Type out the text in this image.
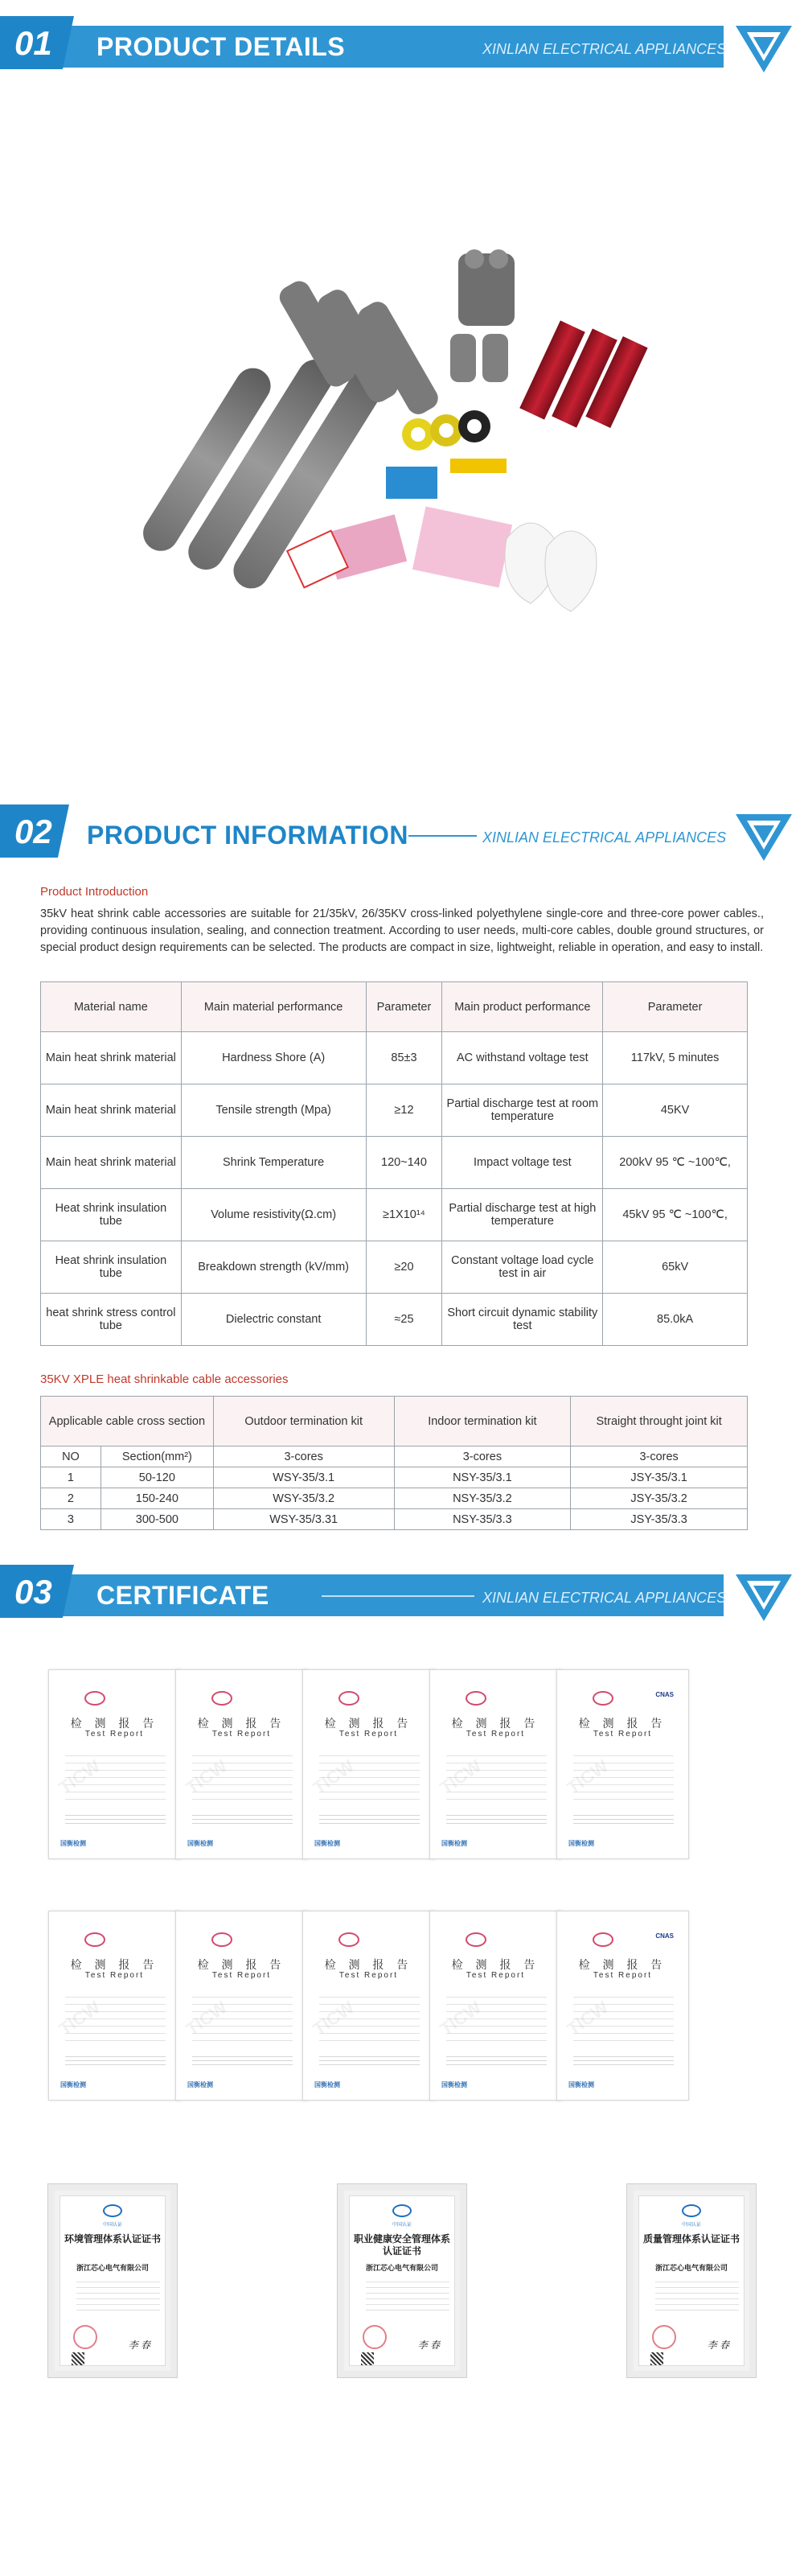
01 PRODUCT DETAILS	XINLIAN ELECTRICAL APPLIANCES
02 PRODUCT INFORMATION	XINLIAN ELECTRICAL APPLIANCES
Product Introduction
35kV heat shrink cable accessories are suitable for 21/35kV, 26/35KV cross-linked polyethylene single-core and three-core power cables., providing continuous insulation, sealing, and connection treatment. According to user needs, multi-core cables, double ground structures, or special product design requirements can be selected. The products are compact in size, lightweight, reliable in operation, and easy to install.
Material name	Main material performance	Parameter	Main product performance	Parameter
Main heat shrink material	Hardness Shore (A)	85±3	AC withstand voltage test	117kV, 5 minutes
Main heat shrink material	Tensile strength (Mpa)	≥12	Partial discharge test at room temperature	45KV
Main heat shrink material	Shrink Temperature	120~140	Impact voltage test	200kV 95 ℃ ~100℃,
Heat shrink insulation tube	Volume resistivity(Ω.cm)	≥1X10¹⁴	Partial discharge test at high temperature	45kV 95 ℃ ~100℃,
Heat shrink insulation tube	Breakdown strength (kV/mm)	≥20	Constant voltage load cycle test in air	65kV
heat shrink stress control tube	Dielectric constant	≈25	Short circuit dynamic stability test	85.0kA
35KV XPLE heat shrinkable cable accessories
Applicable cable cross section		Outdoor termination kit	Indoor termination kit	Straight throught joint kit
NO	Section(mm²)	3-cores	3-cores	3-cores
1	50-120	WSY-35/3.1	NSY-35/3.1	JSY-35/3.1
2	150-240	WSY-35/3.2	NSY-35/3.2	JSY-35/3.2
3	300-500	WSY-35/3.31	NSY-35/3.3	JSY-35/3.3
03 CERTIFICATE	XINLIAN ELECTRICAL APPLIANCES
检 测 报 告
Test Report
TICW
国衡检测
检 测 报 告
Test Report
TICW
国衡检测
检 测 报 告
Test Report
TICW
国衡检测
检 测 报 告
Test Report
TICW
国衡检测
CNAS
检 测 报 告
Test Report
TICW
国衡检测
检 测 报 告
Test Report
TICW
国衡检测
检 测 报 告
Test Report
TICW
国衡检测
检 测 报 告
Test Report
TICW
国衡检测
检 测 报 告
Test Report
TICW
国衡检测
CNAS
检 测 报 告
Test Report
TICW
国衡检测
中国认证
环境管理体系认证证书
浙江芯心电气有限公司
李 春
中国认证
职业健康安全管理体系认证证书
浙江芯心电气有限公司
李 春
中国认证
质量管理体系认证证书
浙江芯心电气有限公司
李 春
